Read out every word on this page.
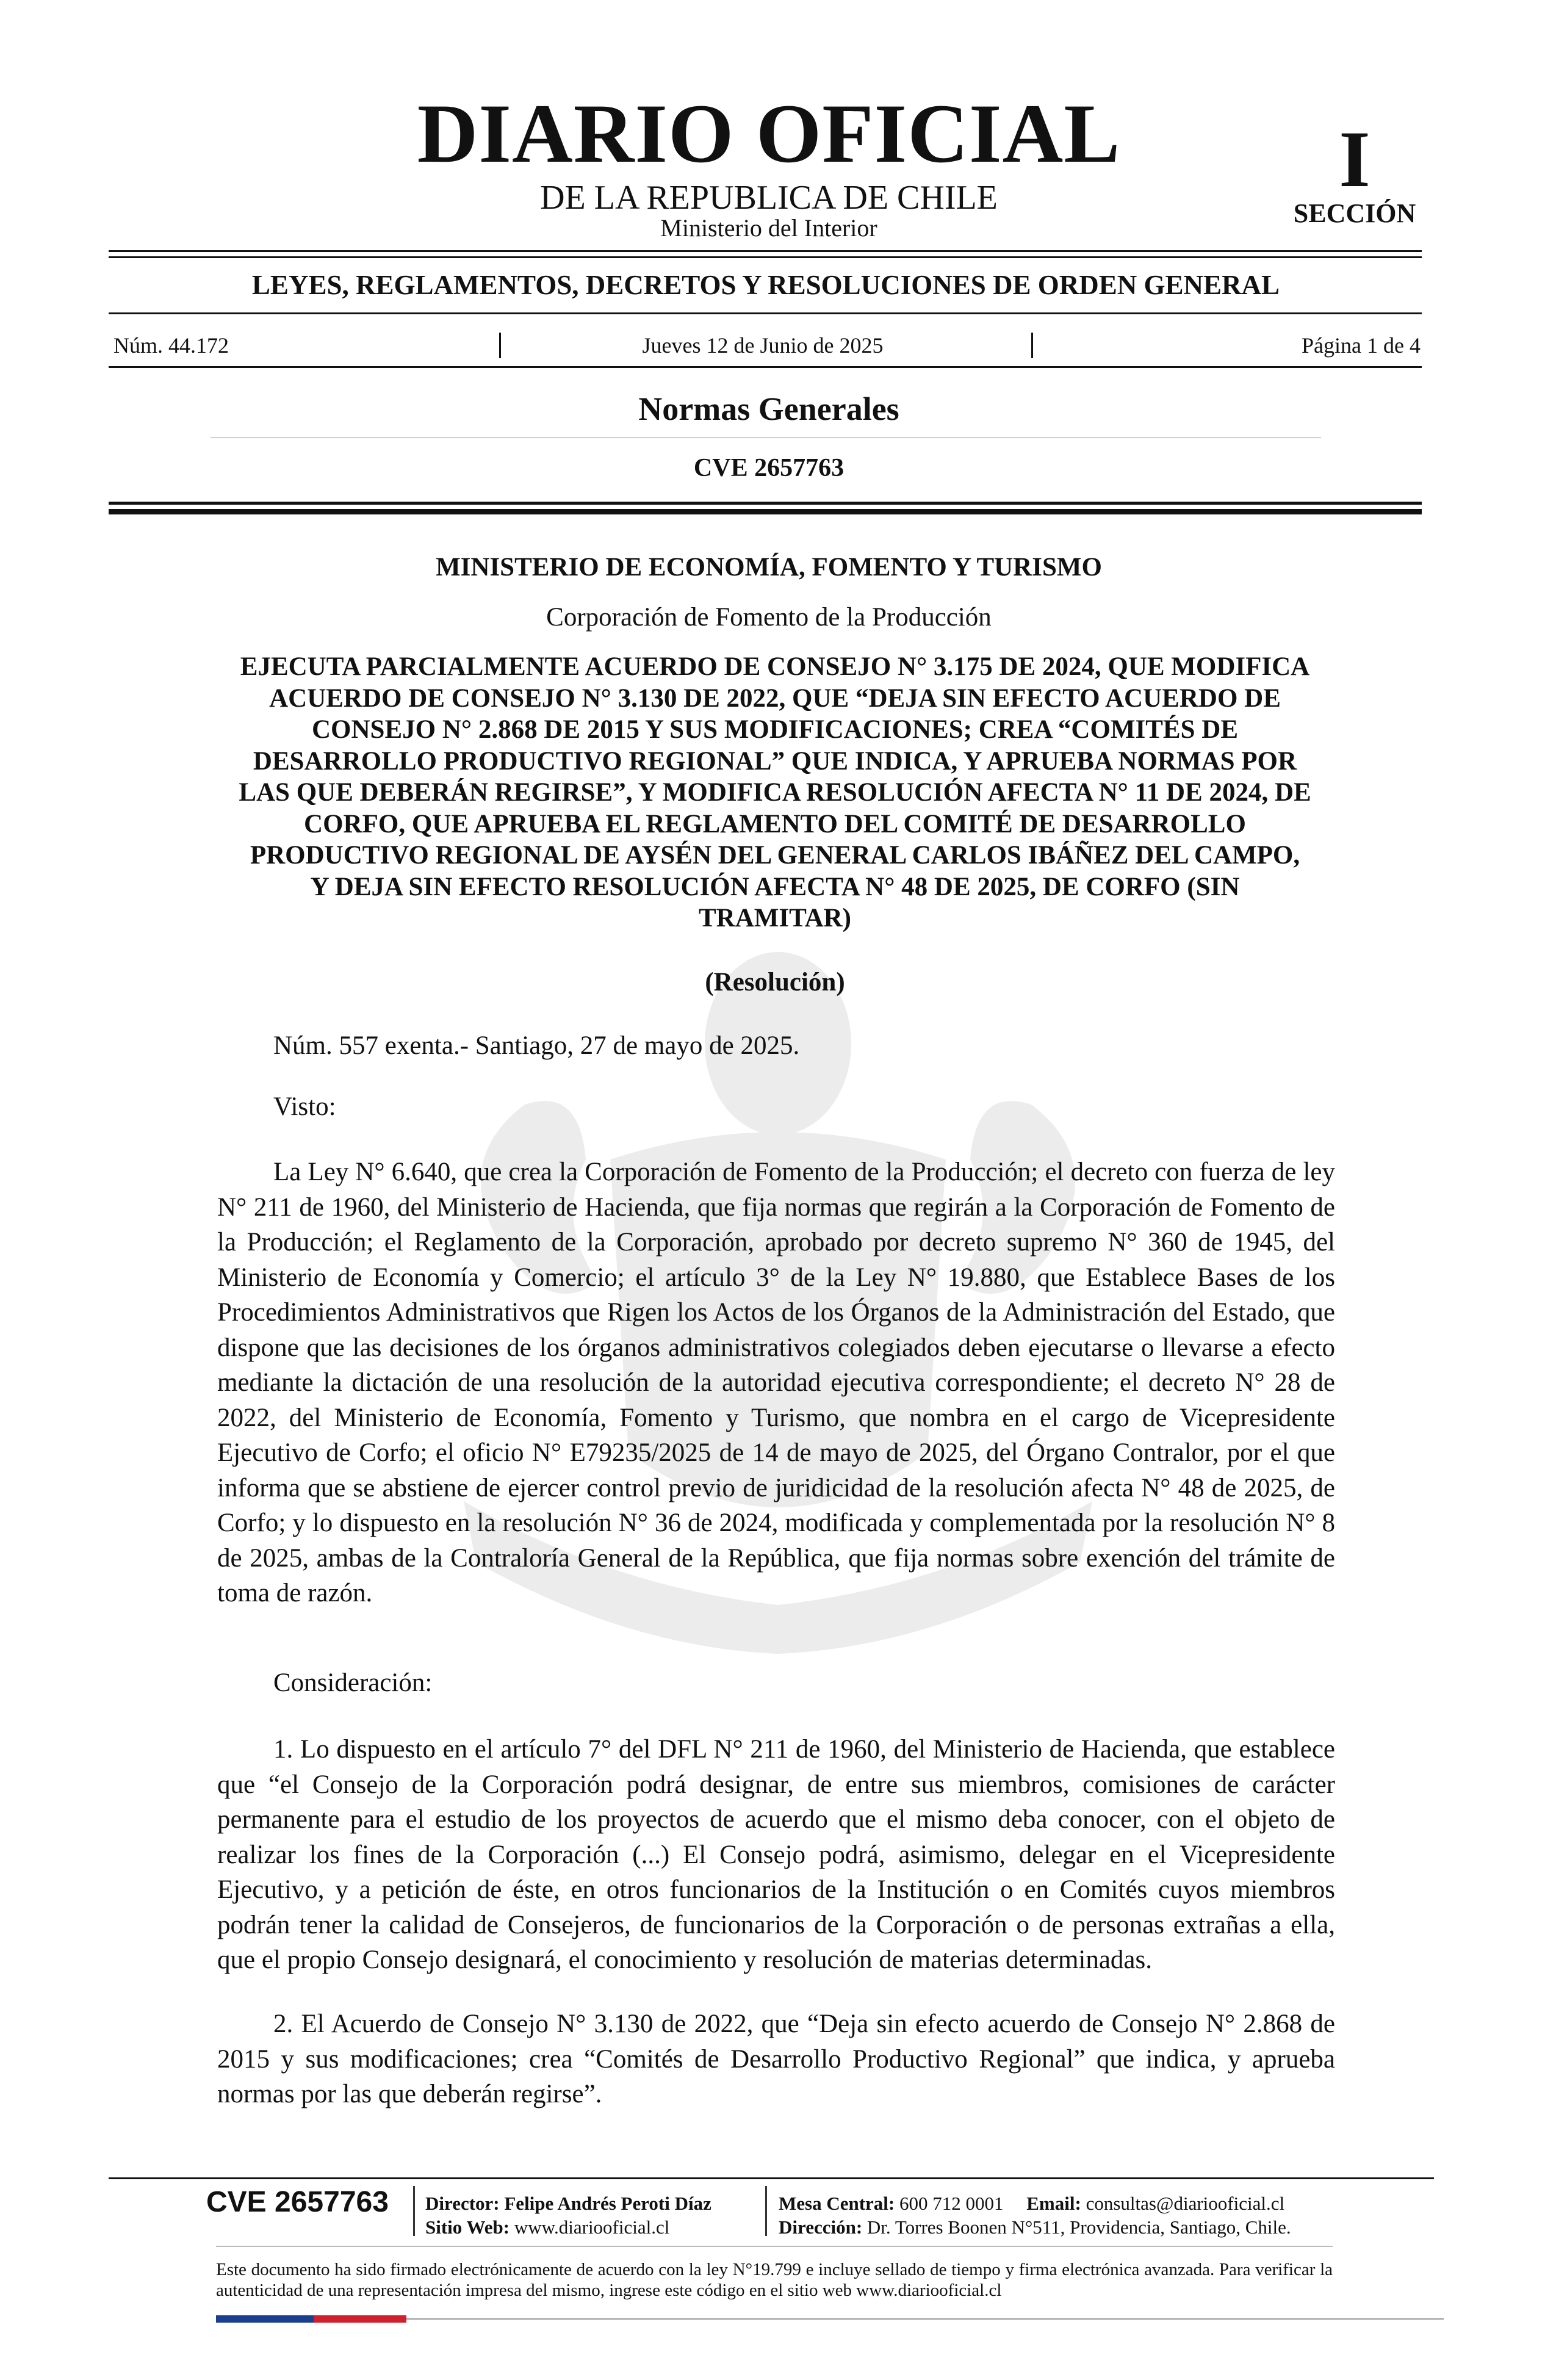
DIARIO OFICIAL
DE LA REPUBLICA DE CHILE
Ministerio del Interior
I
SECCIÓN
LEYES, REGLAMENTOS, DECRETOS Y RESOLUCIONES DE ORDEN GENERAL
Núm. 44.172	Jueves 12 de Junio de 2025	Página 1 de 4
Normas Generales
CVE 2657763
MINISTERIO DE ECONOMÍA, FOMENTO Y TURISMO
Corporación de Fomento de la Producción
EJECUTA PARCIALMENTE ACUERDO DE CONSEJO N° 3.175 DE 2024, QUE MODIFICA ACUERDO DE CONSEJO N° 3.130 DE 2022, QUE “DEJA SIN EFECTO ACUERDO DE CONSEJO N° 2.868 DE 2015 Y SUS MODIFICACIONES; CREA “COMITÉS DE DESARROLLO PRODUCTIVO REGIONAL” QUE INDICA, Y APRUEBA NORMAS POR LAS QUE DEBERÁN REGIRSE”, Y MODIFICA RESOLUCIÓN AFECTA N° 11 DE 2024, DE CORFO, QUE APRUEBA EL REGLAMENTO DEL COMITÉ DE DESARROLLO PRODUCTIVO REGIONAL DE AYSÉN DEL GENERAL CARLOS IBÁÑEZ DEL CAMPO, Y DEJA SIN EFECTO RESOLUCIÓN AFECTA N° 48 DE 2025, DE CORFO (SIN TRAMITAR)
(Resolución)
Núm. 557 exenta.- Santiago, 27 de mayo de 2025.
Visto:
La Ley N° 6.640, que crea la Corporación de Fomento de la Producción; el decreto con fuerza de ley N° 211 de 1960, del Ministerio de Hacienda, que fija normas que regirán a la Corporación de Fomento de la Producción; el Reglamento de la Corporación, aprobado por decreto supremo N° 360 de 1945, del Ministerio de Economía y Comercio; el artículo 3° de la Ley N° 19.880, que Establece Bases de los Procedimientos Administrativos que Rigen los Actos de los Órganos de la Administración del Estado, que dispone que las decisiones de los órganos administrativos colegiados deben ejecutarse o llevarse a efecto mediante la dictación de una resolución de la autoridad ejecutiva correspondiente; el decreto N° 28 de 2022, del Ministerio de Economía, Fomento y Turismo, que nombra en el cargo de Vicepresidente Ejecutivo de Corfo; el oficio N° E79235/2025 de 14 de mayo de 2025, del Órgano Contralor, por el que informa que se abstiene de ejercer control previo de juridicidad de la resolución afecta N° 48 de 2025, de Corfo; y lo dispuesto en la resolución N° 36 de 2024, modificada y complementada por la resolución N° 8 de 2025, ambas de la Contraloría General de la República, que fija normas sobre exención del trámite de toma de razón.
Consideración:
1. Lo dispuesto en el artículo 7° del DFL N° 211 de 1960, del Ministerio de Hacienda, que establece que “el Consejo de la Corporación podrá designar, de entre sus miembros, comisiones de carácter permanente para el estudio de los proyectos de acuerdo que el mismo deba conocer, con el objeto de realizar los fines de la Corporación (...) El Consejo podrá, asimismo, delegar en el Vicepresidente Ejecutivo, y a petición de éste, en otros funcionarios de la Institución o en Comités cuyos miembros podrán tener la calidad de Consejeros, de funcionarios de la Corporación o de personas extrañas a ella, que el propio Consejo designará, el conocimiento y resolución de materias determinadas.
2. El Acuerdo de Consejo N° 3.130 de 2022, que “Deja sin efecto acuerdo de Consejo N° 2.868 de 2015 y sus modificaciones; crea “Comités de Desarrollo Productivo Regional” que indica, y aprueba normas por las que deberán regirse”.
CVE 2657763 Director: Felipe Andrés Peroti Díaz
Sitio Web: www.diariooficial.cl
Mesa Central: 600 712 0001 Email: consultas@diariooficial.cl
Dirección: Dr. Torres Boonen N°511, Providencia, Santiago, Chile.
Este documento ha sido firmado electrónicamente de acuerdo con la ley N°19.799 e incluye sellado de tiempo y firma electrónica avanzada. Para verificar la autenticidad de una representación impresa del mismo, ingrese este código en el sitio web www.diariooficial.cl
